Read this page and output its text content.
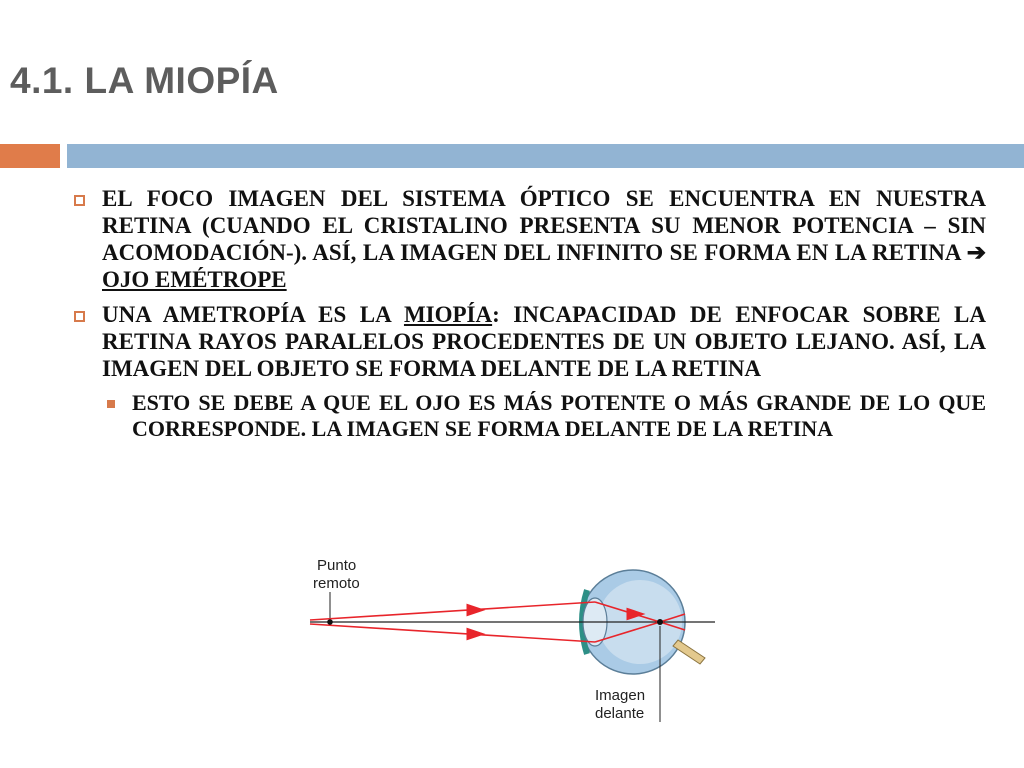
4.1. LA MIOPÍA
EL FOCO IMAGEN DEL SISTEMA ÓPTICO SE ENCUENTRA EN NUESTRA RETINA (CUANDO EL CRISTALINO PRESENTA SU MENOR POTENCIA – SIN ACOMODACIÓN-). ASÍ, LA IMAGEN DEL INFINITO SE FORMA EN LA RETINA ➔ OJO EMÉTROPE
UNA AMETROPÍA ES LA MIOPÍA: INCAPACIDAD DE ENFOCAR SOBRE LA RETINA RAYOS PARALELOS PROCEDENTES DE UN OBJETO LEJANO. ASÍ, LA IMAGEN DEL OBJETO SE FORMA DELANTE DE LA RETINA
ESTO SE DEBE A QUE EL OJO ES MÁS POTENTE O MÁS GRANDE DE LO QUE CORRESPONDE. LA IMAGEN SE FORMA DELANTE DE LA RETINA
Punto
remoto
Imagen
delante
